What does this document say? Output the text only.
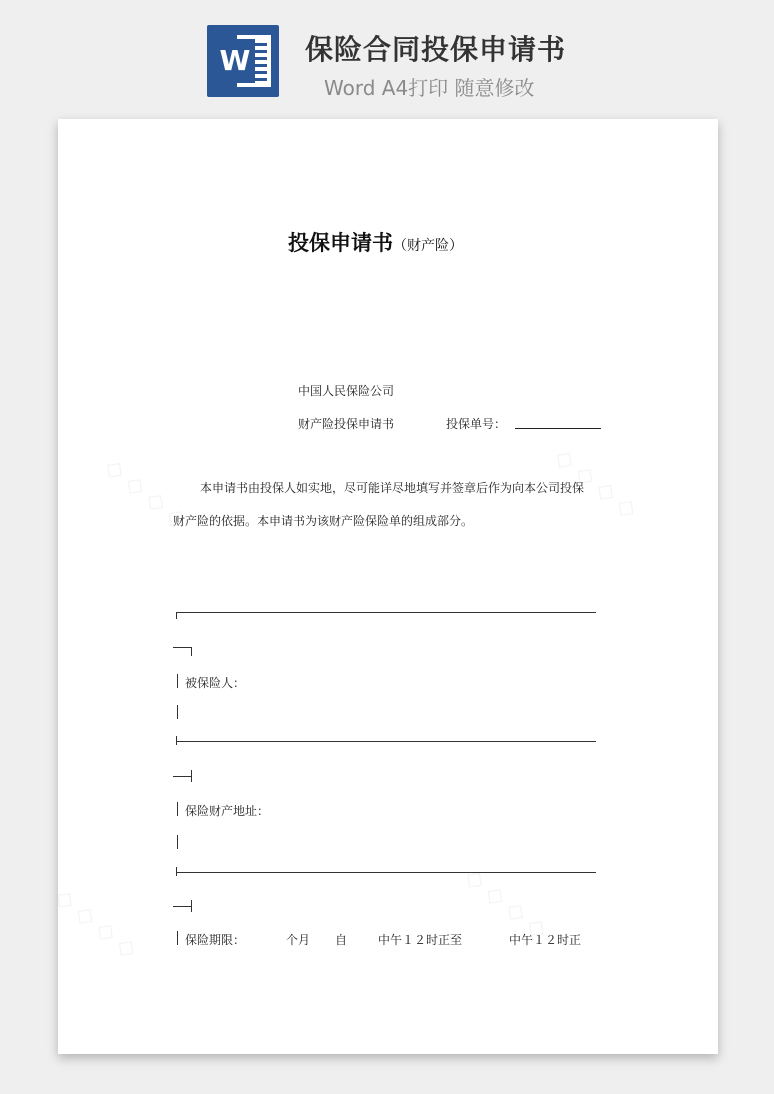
W 保险合同投保申请书
Word A4打印 随意修改
投保申请书（财产险）
中国人民保险公司
财产险投保申请书	投保单号：
本申请书由投保人如实地，尽可能详尽地填写并签章后作为向本公司投保
财产险的依据。本申请书为该财产险保险单的组成部分。
被保险人：
保险财产地址：
保险期限：	个月 自	中午１２时正至	中午１２时正
